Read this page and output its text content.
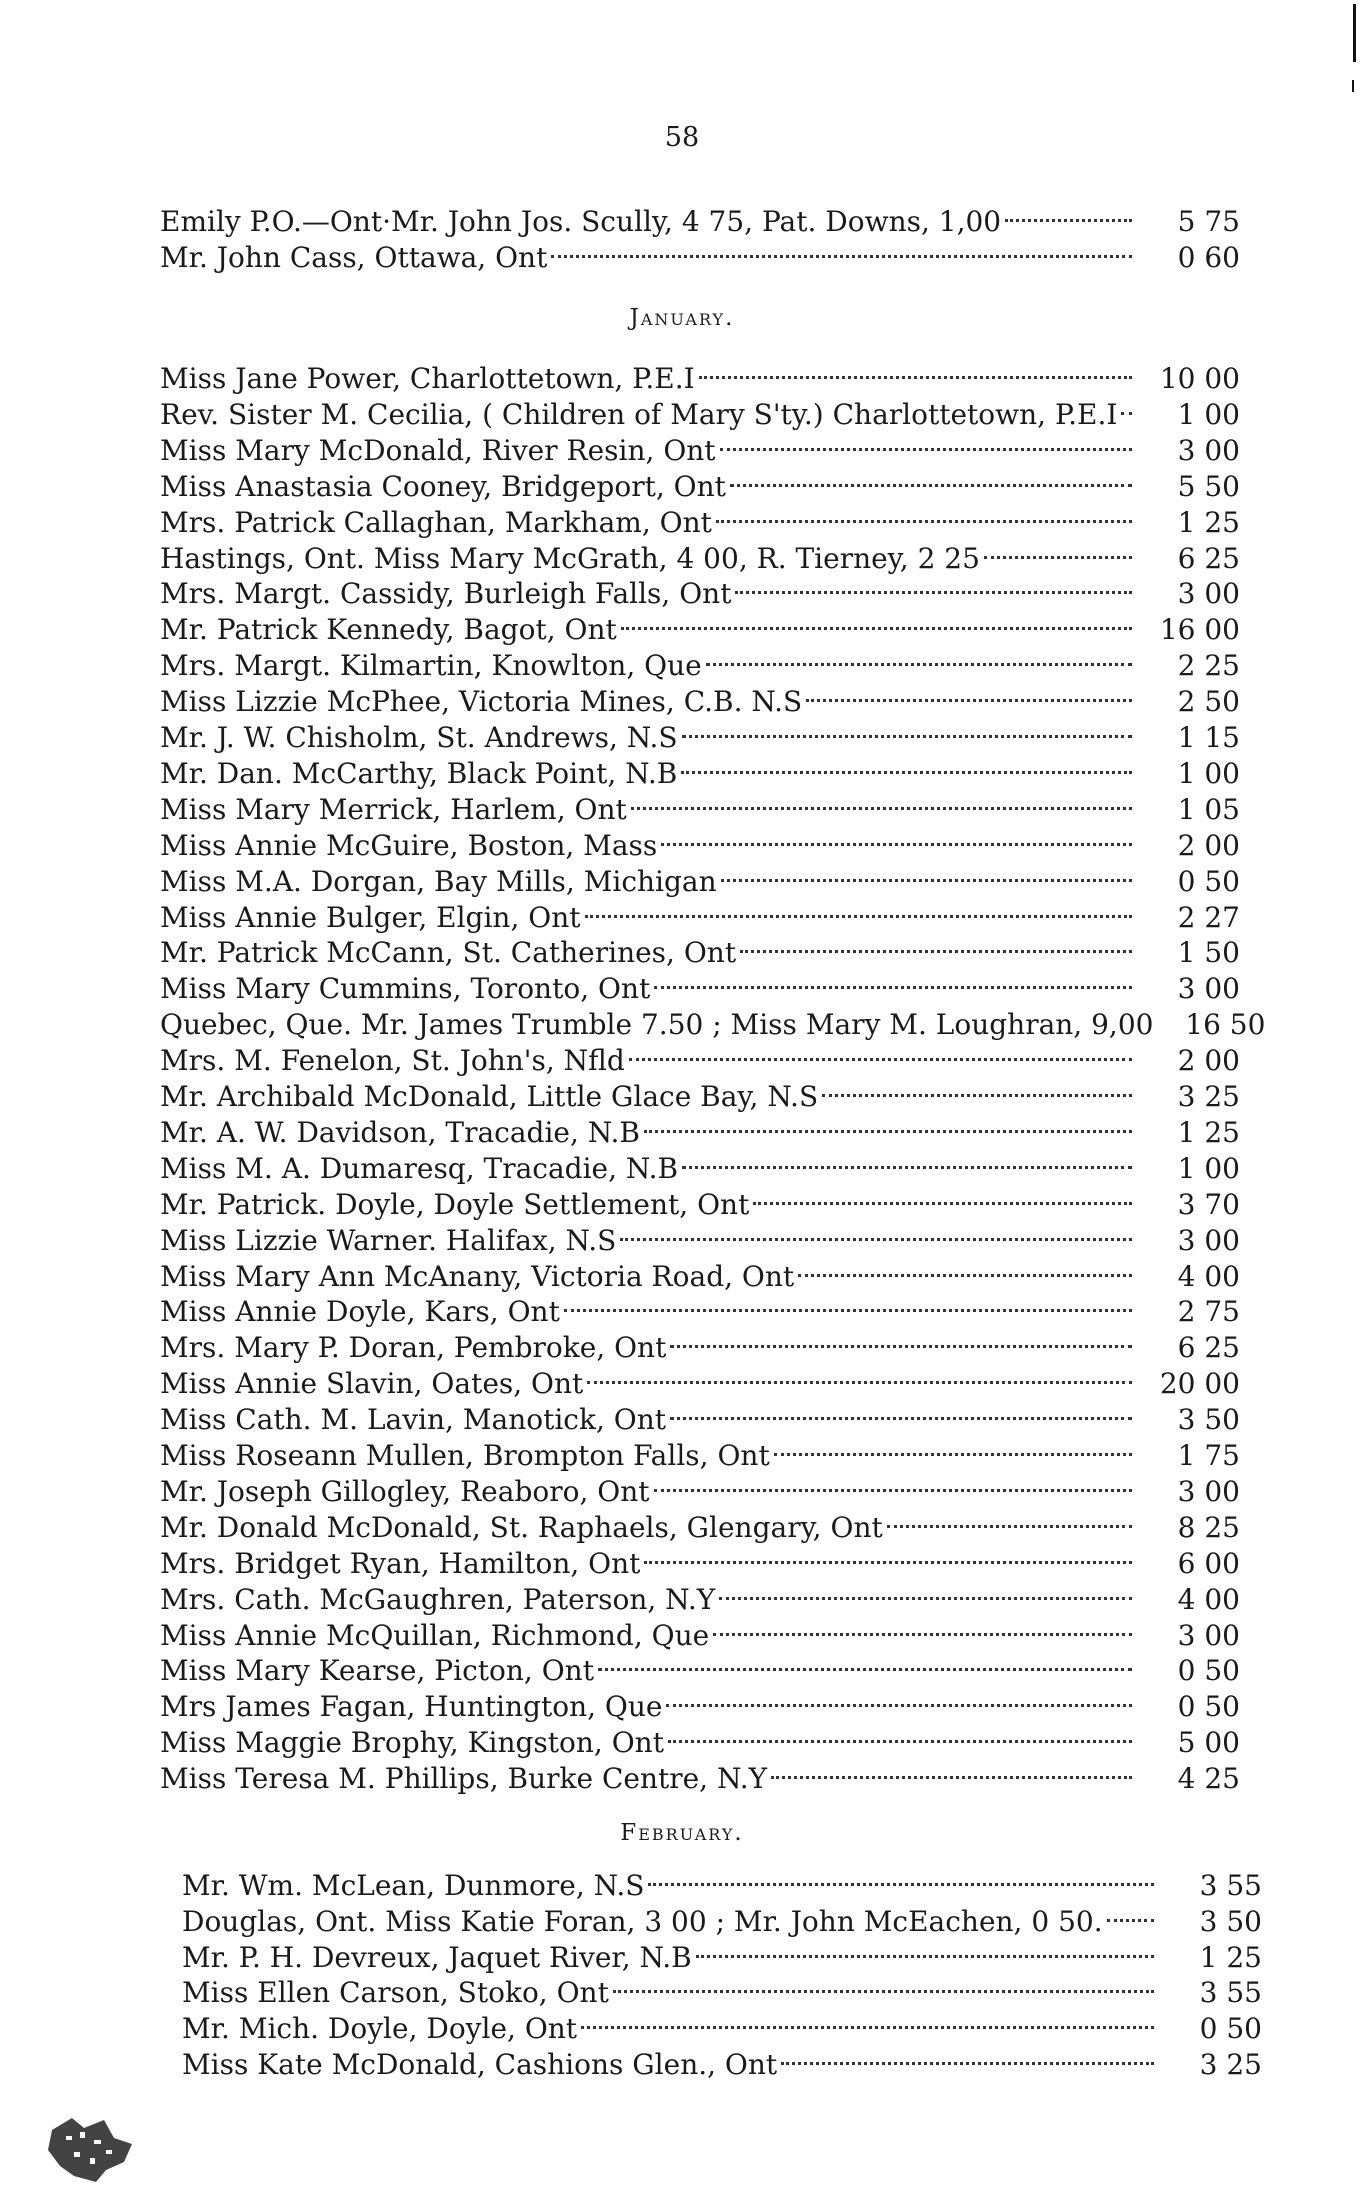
58
Emily P.O.—Ont·Mr. John Jos. Scully, 4 75, Pat. Downs, 1,00	5 75
Mr. John Cass, Ottawa, Ont	0 60
January.
Miss Jane Power, Charlottetown, P.E.I	10 00
Rev. Sister M. Cecilia, ( Children of Mary S'ty.) Charlottetown, P.E.I	1 00
Miss Mary McDonald, River Resin, Ont	3 00
Miss Anastasia Cooney, Bridgeport, Ont	5 50
Mrs. Patrick Callaghan, Markham, Ont	1 25
Hastings, Ont. Miss Mary McGrath, 4 00, R. Tierney, 2 25	6 25
Mrs. Margt. Cassidy, Burleigh Falls, Ont	3 00
Mr. Patrick Kennedy, Bagot, Ont	16 00
Mrs. Margt. Kilmartin, Knowlton, Que	2 25
Miss Lizzie McPhee, Victoria Mines, C.B. N.S	2 50
Mr. J. W. Chisholm, St. Andrews, N.S	1 15
Mr. Dan. McCarthy, Black Point, N.B	1 00
Miss Mary Merrick, Harlem, Ont	1 05
Miss Annie McGuire, Boston, Mass	2 00
Miss M.A. Dorgan, Bay Mills, Michigan	0 50
Miss Annie Bulger, Elgin, Ont	2 27
Mr. Patrick McCann, St. Catherines, Ont	1 50
Miss Mary Cummins, Toronto, Ont	3 00
Quebec, Que. Mr. James Trumble 7.50 ; Miss Mary M. Loughran, 9,00	16 50
Mrs. M. Fenelon, St. John's, Nfld	2 00
Mr. Archibald McDonald, Little Glace Bay, N.S	3 25
Mr. A. W. Davidson, Tracadie, N.B	1 25
Miss M. A. Dumaresq, Tracadie, N.B	1 00
Mr. Patrick. Doyle, Doyle Settlement, Ont	3 70
Miss Lizzie Warner. Halifax, N.S	3 00
Miss Mary Ann McAnany, Victoria Road, Ont	4 00
Miss Annie Doyle, Kars, Ont	2 75
Mrs. Mary P. Doran, Pembroke, Ont	6 25
Miss Annie Slavin, Oates, Ont	20 00
Miss Cath. M. Lavin, Manotick, Ont	3 50
Miss Roseann Mullen, Brompton Falls, Ont	1 75
Mr. Joseph Gillogley, Reaboro, Ont	3 00
Mr. Donald McDonald, St. Raphaels, Glengary, Ont	8 25
Mrs. Bridget Ryan, Hamilton, Ont	6 00
Mrs. Cath. McGaughren, Paterson, N.Y	4 00
Miss Annie McQuillan, Richmond, Que	3 00
Miss Mary Kearse, Picton, Ont	0 50
Mrs James Fagan, Huntington, Que	0 50
Miss Maggie Brophy, Kingston, Ont	5 00
Miss Teresa M. Phillips, Burke Centre, N.Y	4 25
February.
Mr. Wm. McLean, Dunmore, N.S	3 55
Douglas, Ont. Miss Katie Foran, 3 00 ; Mr. John McEachen, 0 50.	3 50
Mr. P. H. Devreux, Jaquet River, N.B	1 25
Miss Ellen Carson, Stoko, Ont	3 55
Mr. Mich. Doyle, Doyle, Ont	0 50
Miss Kate McDonald, Cashions Glen., Ont	3 25
